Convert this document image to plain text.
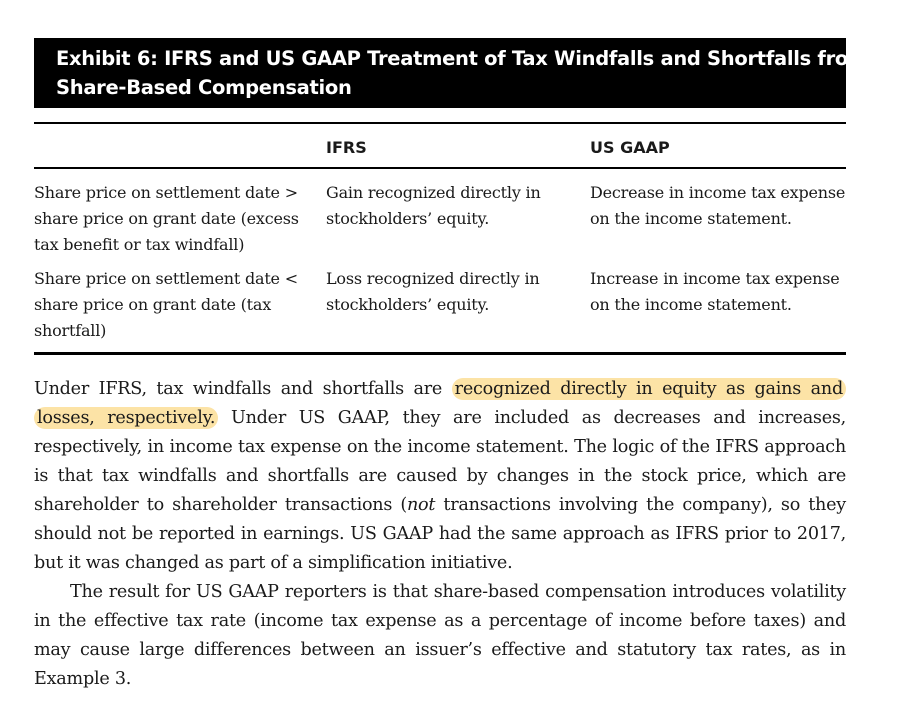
Exhibit 6: IFRS and US GAAP Treatment of Tax Windfalls and Shortfalls from
Share-Based Compensation
	IFRS	US GAAP
Share price on settlement date > share price on grant date (excess tax benefit or tax windfall)	Gain recognized directly in stockholders’ equity.	Decrease in income tax expense on the income statement.
Share price on settlement date < share price on grant date (tax shortfall)	Loss recognized directly in stockholders’ equity.	Increase in income tax expense on the income statement.

Under IFRS, tax windfalls and shortfalls are recognized directly in equity as gains and losses, respectively. Under US GAAP, they are included as decreases and increases, respectively, in income tax expense on the income statement. The logic of the IFRS approach is that tax windfalls and shortfalls are caused by changes in the stock price, which are shareholder to shareholder transactions (not transactions involving the company), so they should not be reported in earnings. US GAAP had the same approach as IFRS prior to 2017, but it was changed as part of a simplification initiative.

The result for US GAAP reporters is that share-based compensation introduces volatility in the effective tax rate (income tax expense as a percentage of income before taxes) and may cause large differences between an issuer’s effective and statutory tax rates, as in Example 3.
